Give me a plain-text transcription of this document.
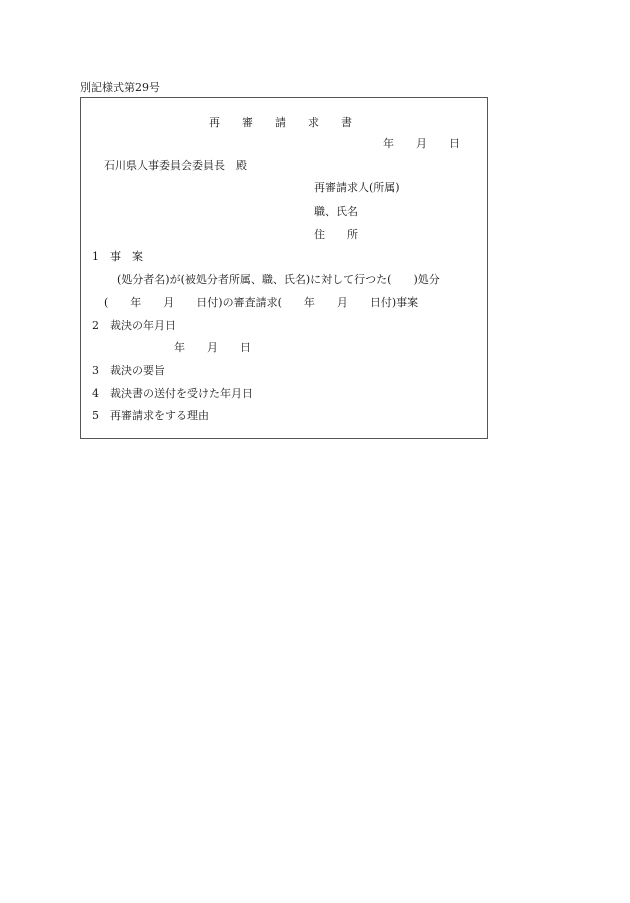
別記様式第29号
再　　審　　請　　求　　書
年　　月　　日
石川県人事委員会委員長　殿
再審請求人(所属)
職、氏名
住　　所
1　事　案
(処分者名)が(被処分者所属、職、氏名)に対して行つた(　　)処分
(　　年　　月　　日付)の審査請求(　　年　　月　　日付)事案
2　裁決の年月日
年　　月　　日
3　裁決の要旨
4　裁決書の送付を受けた年月日
5　再審請求をする理由
